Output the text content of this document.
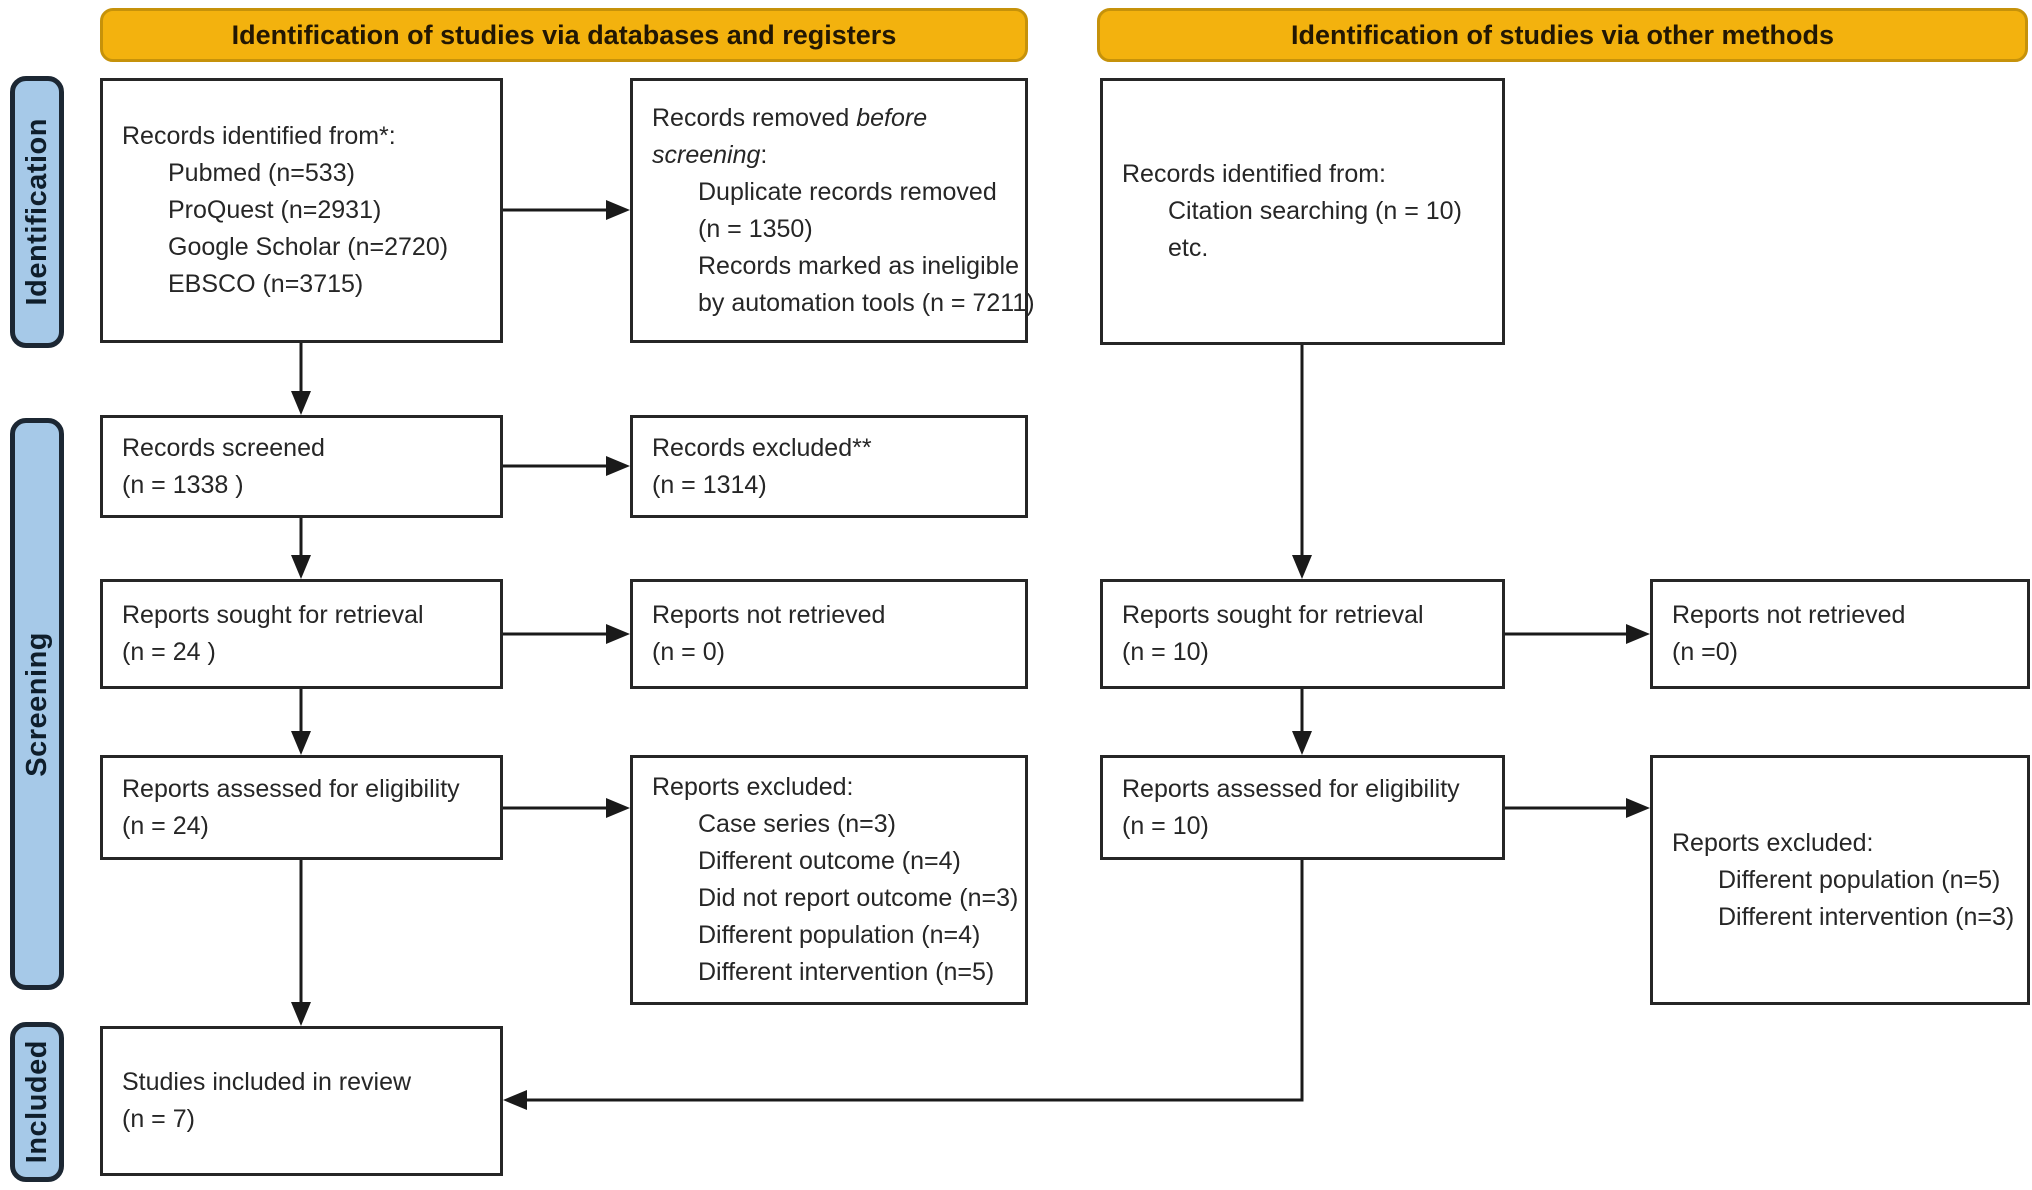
Identification of studies via databases and registers	Identification of studies via other methods
Identification
Screening
Included
Records identified from*:
Pubmed (n=533)
ProQuest (n=2931)
Google Scholar (n=2720)
EBSCO (n=3715)
Records removed before
screening:
Duplicate records removed
(n = 1350)
Records marked as ineligible
by automation tools (n = 7211)
Records identified from:
Citation searching (n = 10)
etc.
Records screened
(n = 1338 )
Records excluded**
(n = 1314)
Reports sought for retrieval
(n = 24 )
Reports not retrieved
(n = 0)
Reports sought for retrieval
(n = 10)
Reports not retrieved
(n =0)
Reports assessed for eligibility
(n = 24)
Reports excluded:
Case series (n=3)
Different outcome (n=4)
Did not report outcome (n=3)
Different population (n=4)
Different intervention (n=5)
Reports assessed for eligibility
(n = 10)
Reports excluded:
Different population (n=5)
Different intervention (n=3)
Studies included in review
(n = 7)
